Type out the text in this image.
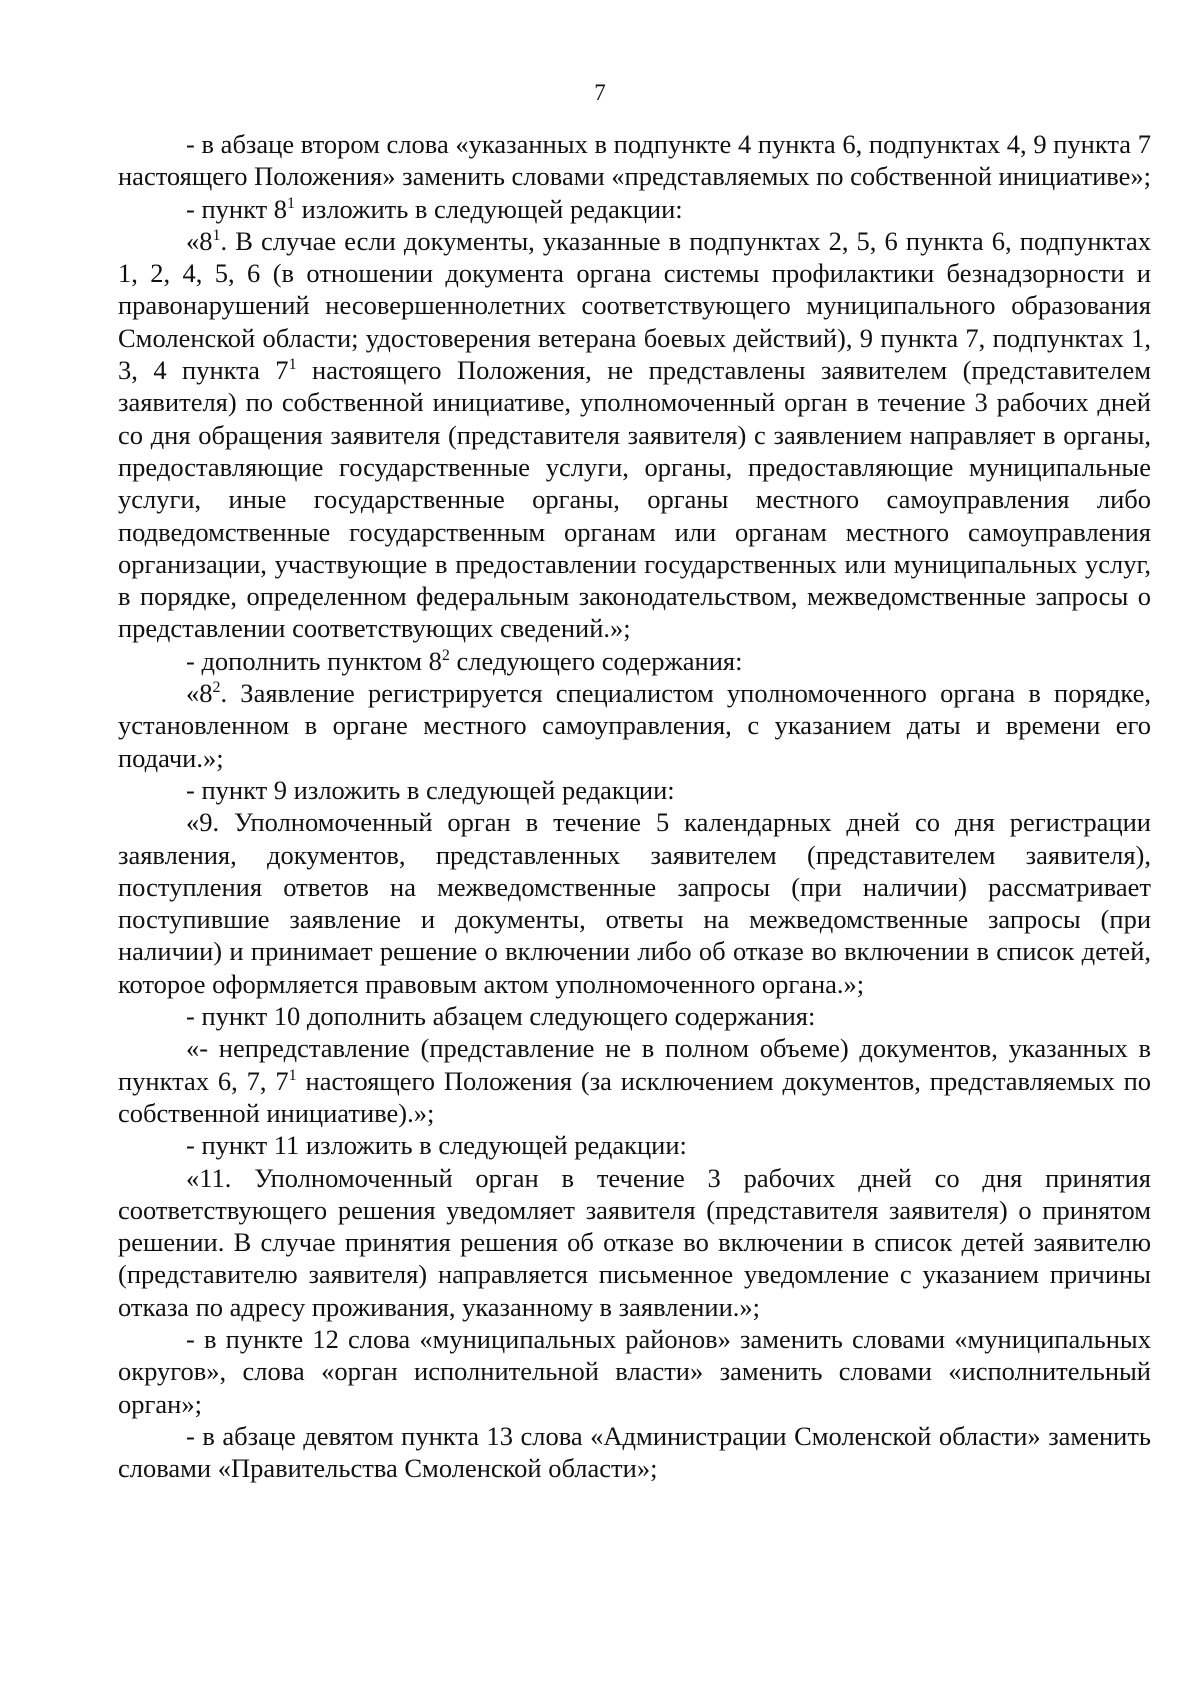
7

- в абзаце втором слова «указанных в подпункте 4 пункта 6, подпунктах 4, 9 пункта 7 настоящего Положения» заменить словами «представляемых по собственной инициативе»;

- пункт $8^1$ изложить в следующей редакции:

«$8^1$. В случае если документы, указанные в подпунктах 2, 5, 6 пункта 6, подпунктах 1, 2, 4, 5, 6 (в отношении документа органа системы профилактики безнадзорности и правонарушений несовершеннолетних соответствующего муниципального образования Смоленской области; удостоверения ветерана боевых действий), 9 пункта 7, подпунктах 1, 3, 4 пункта $7^1$ настоящего Положения, не представлены заявителем (представителем заявителя) по собственной инициативе, уполномоченный орган в течение 3 рабочих дней со дня обращения заявителя (представителя заявителя) с заявлением направляет в органы, предоставляющие государственные услуги, органы, предоставляющие муниципальные услуги, иные государственные органы, органы местного самоуправления либо подведомственные государственным органам или органам местного самоуправления организации, участвующие в предоставлении государственных или муниципальных услуг, в порядке, определенном федеральным законодательством, межведомственные запросы о представлении соответствующих сведений.»;

- дополнить пунктом $8^2$ следующего содержания:

«$8^2$. Заявление регистрируется специалистом уполномоченного органа в порядке, установленном в органе местного самоуправления, с указанием даты и времени его подачи.»;

- пункт 9 изложить в следующей редакции:

«9. Уполномоченный орган в течение 5 календарных дней со дня регистрации заявления, документов, представленных заявителем (представителем заявителя), поступления ответов на межведомственные запросы (при наличии) рассматривает поступившие заявление и документы, ответы на межведомственные запросы (при наличии) и принимает решение о включении либо об отказе во включении в список детей, которое оформляется правовым актом уполномоченного органа.»;

- пункт 10 дополнить абзацем следующего содержания:

«- непредставление (представление не в полном объеме) документов, указанных в пунктах 6, 7, $7^1$ настоящего Положения (за исключением документов, представляемых по собственной инициативе).»;

- пункт 11 изложить в следующей редакции:

«11. Уполномоченный орган в течение 3 рабочих дней со дня принятия соответствующего решения уведомляет заявителя (представителя заявителя) о принятом решении. В случае принятия решения об отказе во включении в список детей заявителю (представителю заявителя) направляется письменное уведомление с указанием причины отказа по адресу проживания, указанному в заявлении.»;

- в пункте 12 слова «муниципальных районов» заменить словами «муниципальных округов», слова «орган исполнительной власти» заменить словами «исполнительный орган»;

- в абзаце девятом пункта 13 слова «Администрации Смоленской области» заменить словами «Правительства Смоленской области»;
